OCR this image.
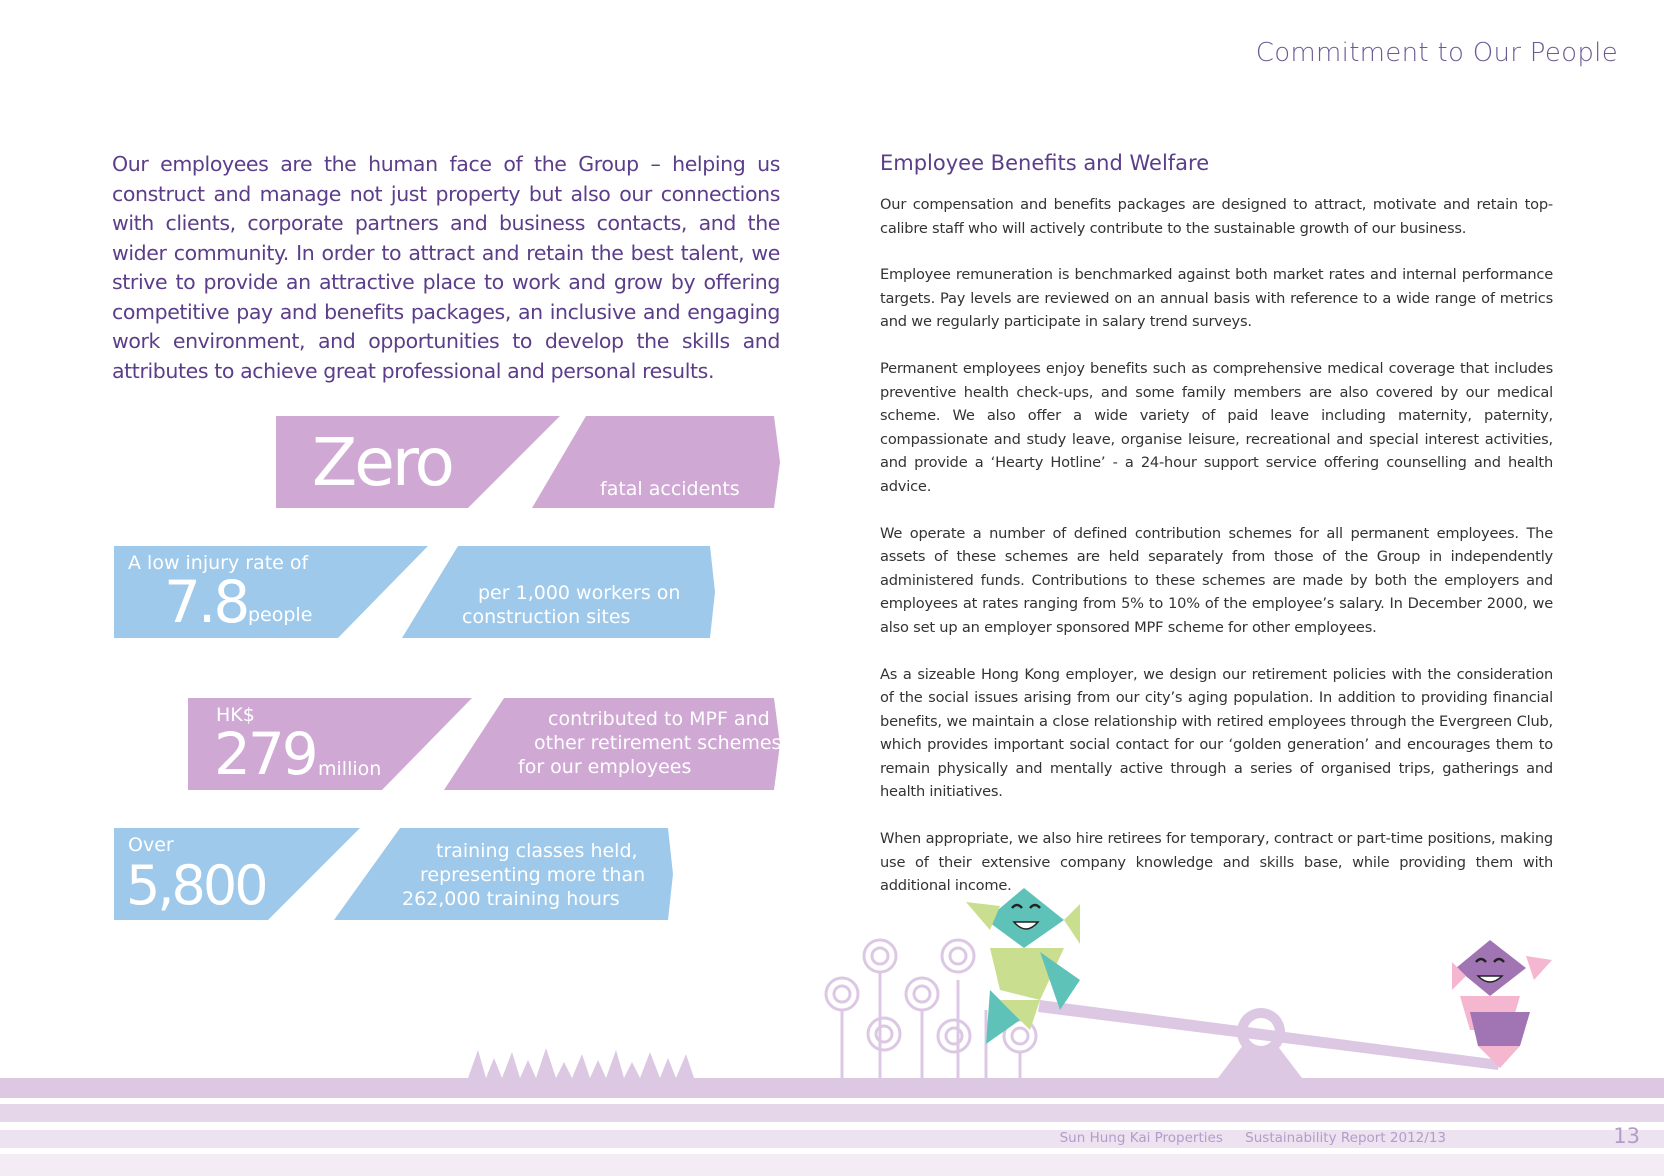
Commitment to Our People
Our employees are the human face of the Group – helping us construct and manage not just property but also our connections with clients, corporate partners and business contacts, and the wider community. In order to attract and retain the best talent, we strive to provide an attractive place to work and grow by offering competitive pay and benefits packages, an inclusive and engaging work environment, and opportunities to develop the skills and attributes to achieve great professional and personal results.
Zero	fatal accidents
A low injury rate of
7.8 people
per 1,000 workers on
construction sites
HK$
279 million
contributed to MPF and
other retirement schemes
for our employees
Over
5,800
training classes held,
representing more than
262,000 training hours
Employee Benefits and Welfare

Our compensation and benefits packages are designed to attract, motivate and retain top-calibre staff who will actively contribute to the sustainable growth of our business.

Employee remuneration is benchmarked against both market rates and internal performance targets. Pay levels are reviewed on an annual basis with reference to a wide range of metrics and we regularly participate in salary trend surveys.

Permanent employees enjoy benefits such as comprehensive medical coverage that includes preventive health check-ups, and some family members are also covered by our medical scheme. We also offer a wide variety of paid leave including maternity, paternity, compassionate and study leave, organise leisure, recreational and special interest activities, and provide a ‘Hearty Hotline’ - a 24-hour support service offering counselling and health advice.

We operate a number of defined contribution schemes for all permanent employees. The assets of these schemes are held separately from those of the Group in independently administered funds. Contributions to these schemes are made by both the employers and employees at rates ranging from 5% to 10% of the employee’s salary. In December 2000, we also set up an employer sponsored MPF scheme for other employees.

As a sizeable Hong Kong employer, we design our retirement policies with the consideration of the social issues arising from our city’s aging population. In addition to providing financial benefits, we maintain a close relationship with retired employees through the Evergreen Club, which provides important social contact for our ‘golden generation’ and encourages them to remain physically and mentally active through a series of organised trips, gatherings and health initiatives.

When appropriate, we also hire retirees for temporary, contract or part-time positions, making use of their extensive company knowledge and skills base, while providing them with additional income.

Sun Hung Kai Properties Sustainability Report 2012/13	13
